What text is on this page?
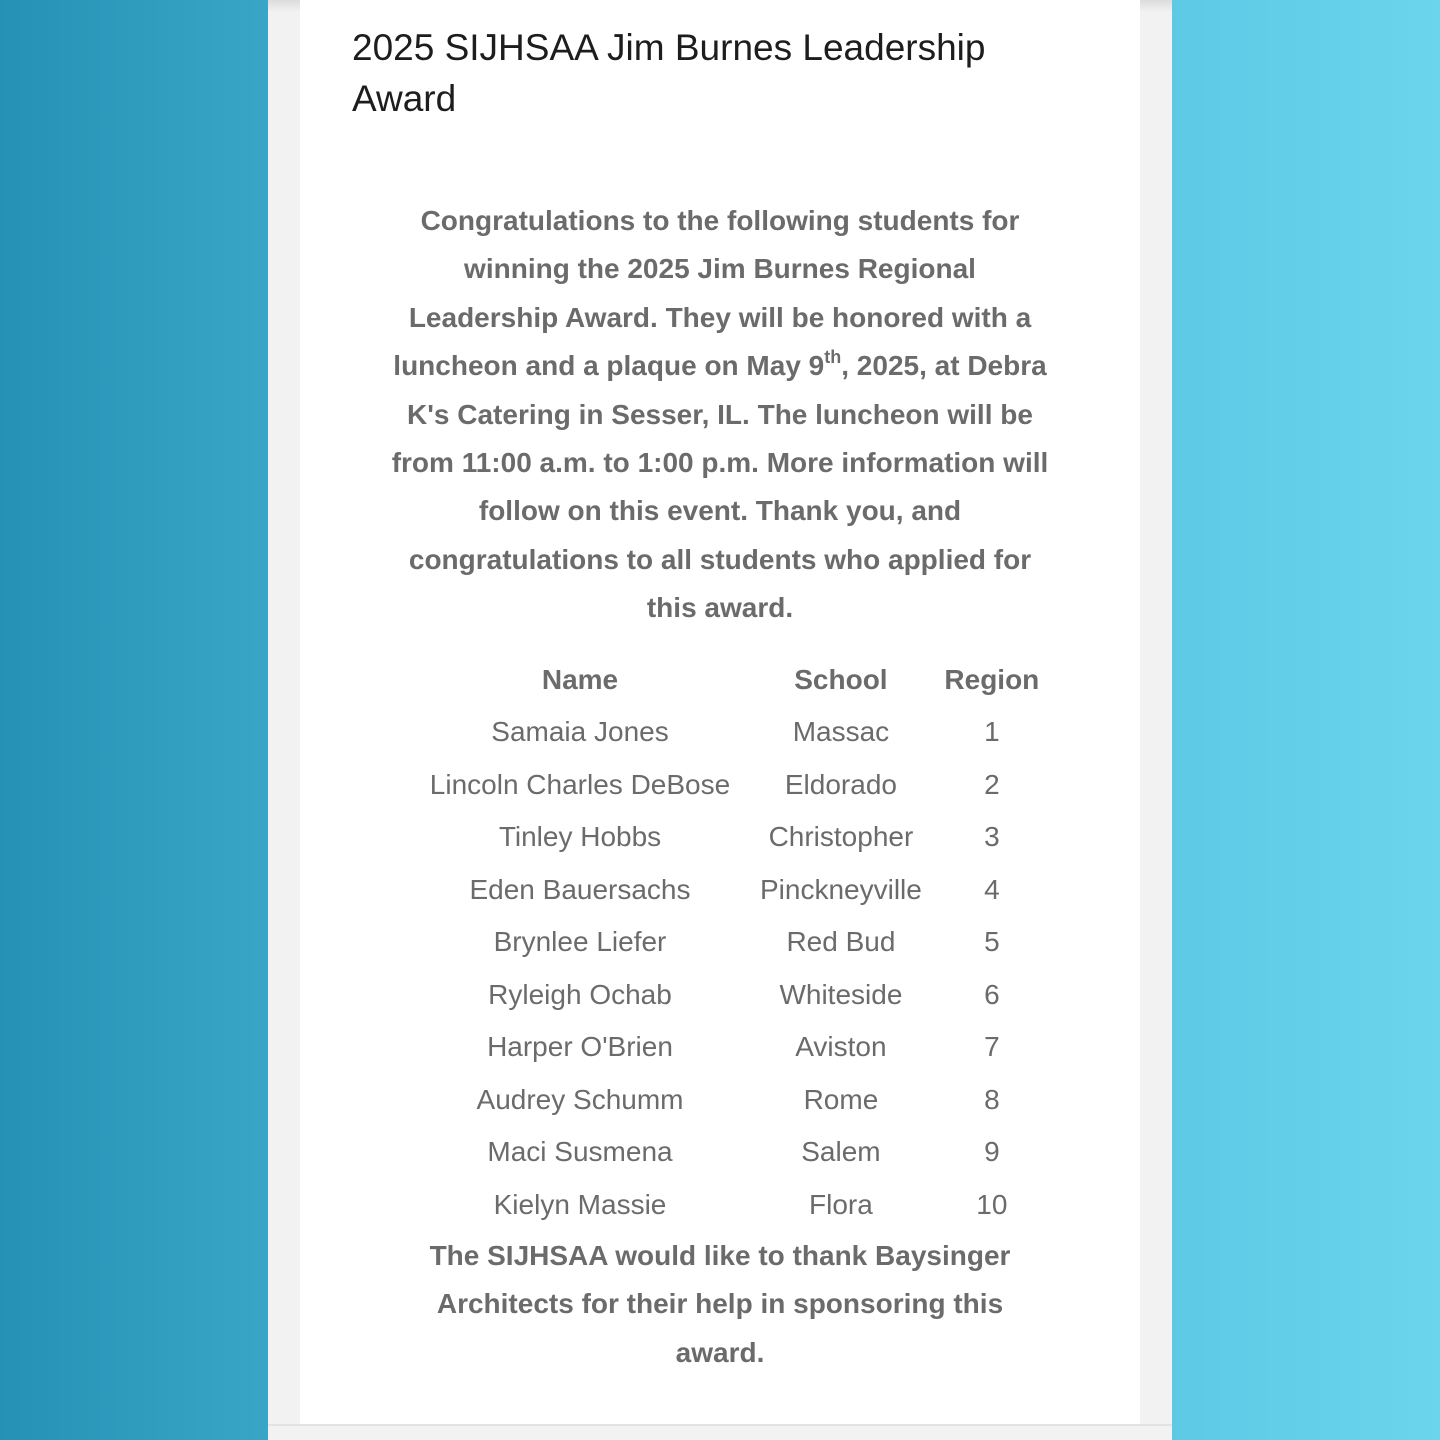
2025 SIJHSAA Jim Burnes Leadership Award

Congratulations to the following students for winning the 2025 Jim Burnes Regional Leadership Award. They will be honored with a luncheon and a plaque on May 9th, 2025, at Debra K's Catering in Sesser, IL. The luncheon will be from 11:00 a.m. to 1:00 p.m. More information will follow on this event. Thank you, and congratulations to all students who applied for this award.

Name	School	Region
Samaia Jones	Massac	1
Lincoln Charles DeBose	Eldorado	2
Tinley Hobbs	Christopher	3
Eden Bauersachs	Pinckneyville	4
Brynlee Liefer	Red Bud	5
Ryleigh Ochab	Whiteside	6
Harper O'Brien	Aviston	7
Audrey Schumm	Rome	8
Maci Susmena	Salem	9
Kielyn Massie	Flora	10

The SIJHSAA would like to thank Baysinger Architects for their help in sponsoring this award.
